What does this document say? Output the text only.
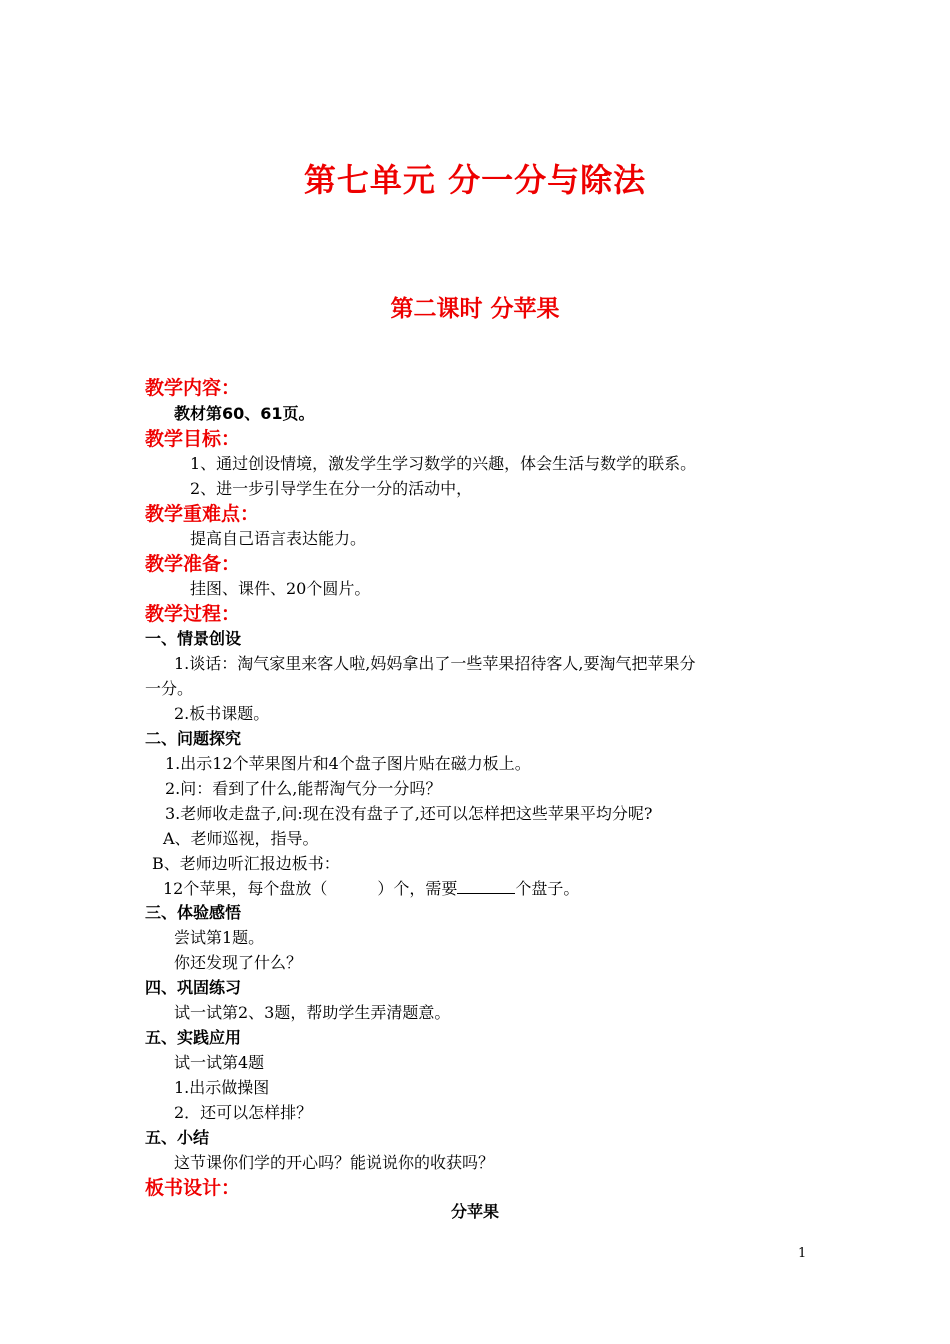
第七单元 分一分与除法
第二课时 分苹果
教学内容：
教材第60、61页。
教学目标：
1、通过创设情境，激发学生学习数学的兴趣，体会生活与数学的联系。
2、进一步引导学生在分一分的活动中，
教学重难点：
提高自己语言表达能力。
教学准备：
挂图、课件、20个圆片。
教学过程：
一、情景创设
1.谈话：淘气家里来客人啦,妈妈拿出了一些苹果招待客人,要淘气把苹果分
一分。
2.板书课题。
二、问题探究
1.出示12个苹果图片和4个盘子图片贴在磁力板上。
2.问：看到了什么,能帮淘气分一分吗？
3.老师收走盘子,问:现在没有盘子了,还可以怎样把这些苹果平均分呢?
A、老师巡视，指导。
B、老师边听汇报边板书：
12个苹果，每个盘放（	）个，需要	个盘子。
三、体验感悟
尝试第1题。
你还发现了什么？
四、巩固练习
试一试第2、3题，帮助学生弄清题意。
五、实践应用
试一试第4题
1.出示做操图
2．还可以怎样排？
五、小结
这节课你们学的开心吗？能说说你的收获吗？
板书设计：
分苹果
1
